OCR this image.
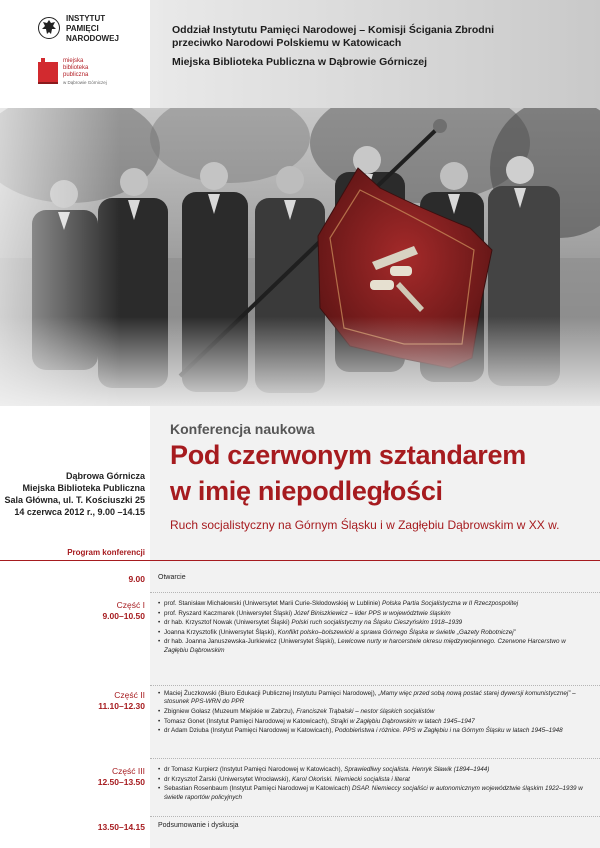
INSTYTUT
PAMIĘCI
NARODOWEJ
miejska
biblioteka
publiczna
w Dąbrowie Górniczej

Oddział Instytutu Pamięci Narodowej – Komisji Ścigania Zbrodni

przeciwko Narodowi Polskiemu w Katowicach

Miejska Biblioteka Publiczna w Dąbrowie Górniczej

Konferencja naukowa
Pod czerwonym sztandarem
w imię niepodległości
Ruch socjalistyczny na Górnym Śląsku i w Zagłębiu Dąbrowskim w XX w.
Dąbrowa Górnicza
Miejska Biblioteka Publiczna
Sala Główna, ul. T. Kościuszki 25
14 czerwca 2012 r., 9.00 –14.15
Program konferencji
9.00 Otwarcie
Część I
9.00–10.50
• prof. Stanisław Michałowski (Uniwersytet Marii Curie-Skłodowskiej w Lublinie) Polska Partia Socjalistyczna w II Rzeczpospolitej
• prof. Ryszard Kaczmarek (Uniwersytet Śląski) Józef Biniszkiewicz – lider PPS w województwie śląskim
• dr hab. Krzysztof Nowak (Uniwersytet Śląski) Polski ruch socjalistyczny na Śląsku Cieszyńskim 1918–1939
• Joanna Krzysztofik (Uniwersytet Śląski), Konflikt polsko–bolszewicki a sprawa Górnego Śląska w świetle „Gazety Robotniczej”
• dr hab. Joanna Januszewska-Jurkiewicz (Uniwersytet Śląski), Lewicowe nurty w harcerstwie okresu międzywojennego. Czerwone Harcerstwo w Zagłębiu Dąbrowskim
Część II
11.10–12.30
• Maciej Żuczkowski (Biuro Edukacji Publicznej Instytutu Pamięci Narodowej), „Mamy więc przed sobą nową postać starej dywersji komunistycznej” – stosunek PPS-WRN do PPR
• Zbigniew Gołasz (Muzeum Miejskie w Zabrzu), Franciszek Trąbalski – nestor śląskich socjalistów
• Tomasz Gonet (Instytut Pamięci Narodowej w Katowicach), Strajki w Zagłębiu Dąbrowskim w latach 1945–1947
• dr Adam Dziuba (Instytut Pamięci Narodowej w Katowicach), Podobieństwa i różnice. PPS w Zagłębiu i na Górnym Śląsku w latach 1945–1948
Część III
12.50–13.50
• dr Tomasz Kurpierz (Instytut Pamięci Narodowej w Katowicach), Sprawiedliwy socjalista. Henryk Sławik (1894–1944)
• dr Krzysztof Żarski (Uniwersytet Wrocławski), Karol Okoński. Niemiecki socjalista i literat
• Sebastian Rosenbaum (Instytut Pamięci Narodowej w Katowicach) DSAP. Niemieccy socjaliści w autonomicznym województwie śląskim 1922–1939 w świetle raportów policyjnych
13.50–14.15 Podsumowanie i dyskusja
